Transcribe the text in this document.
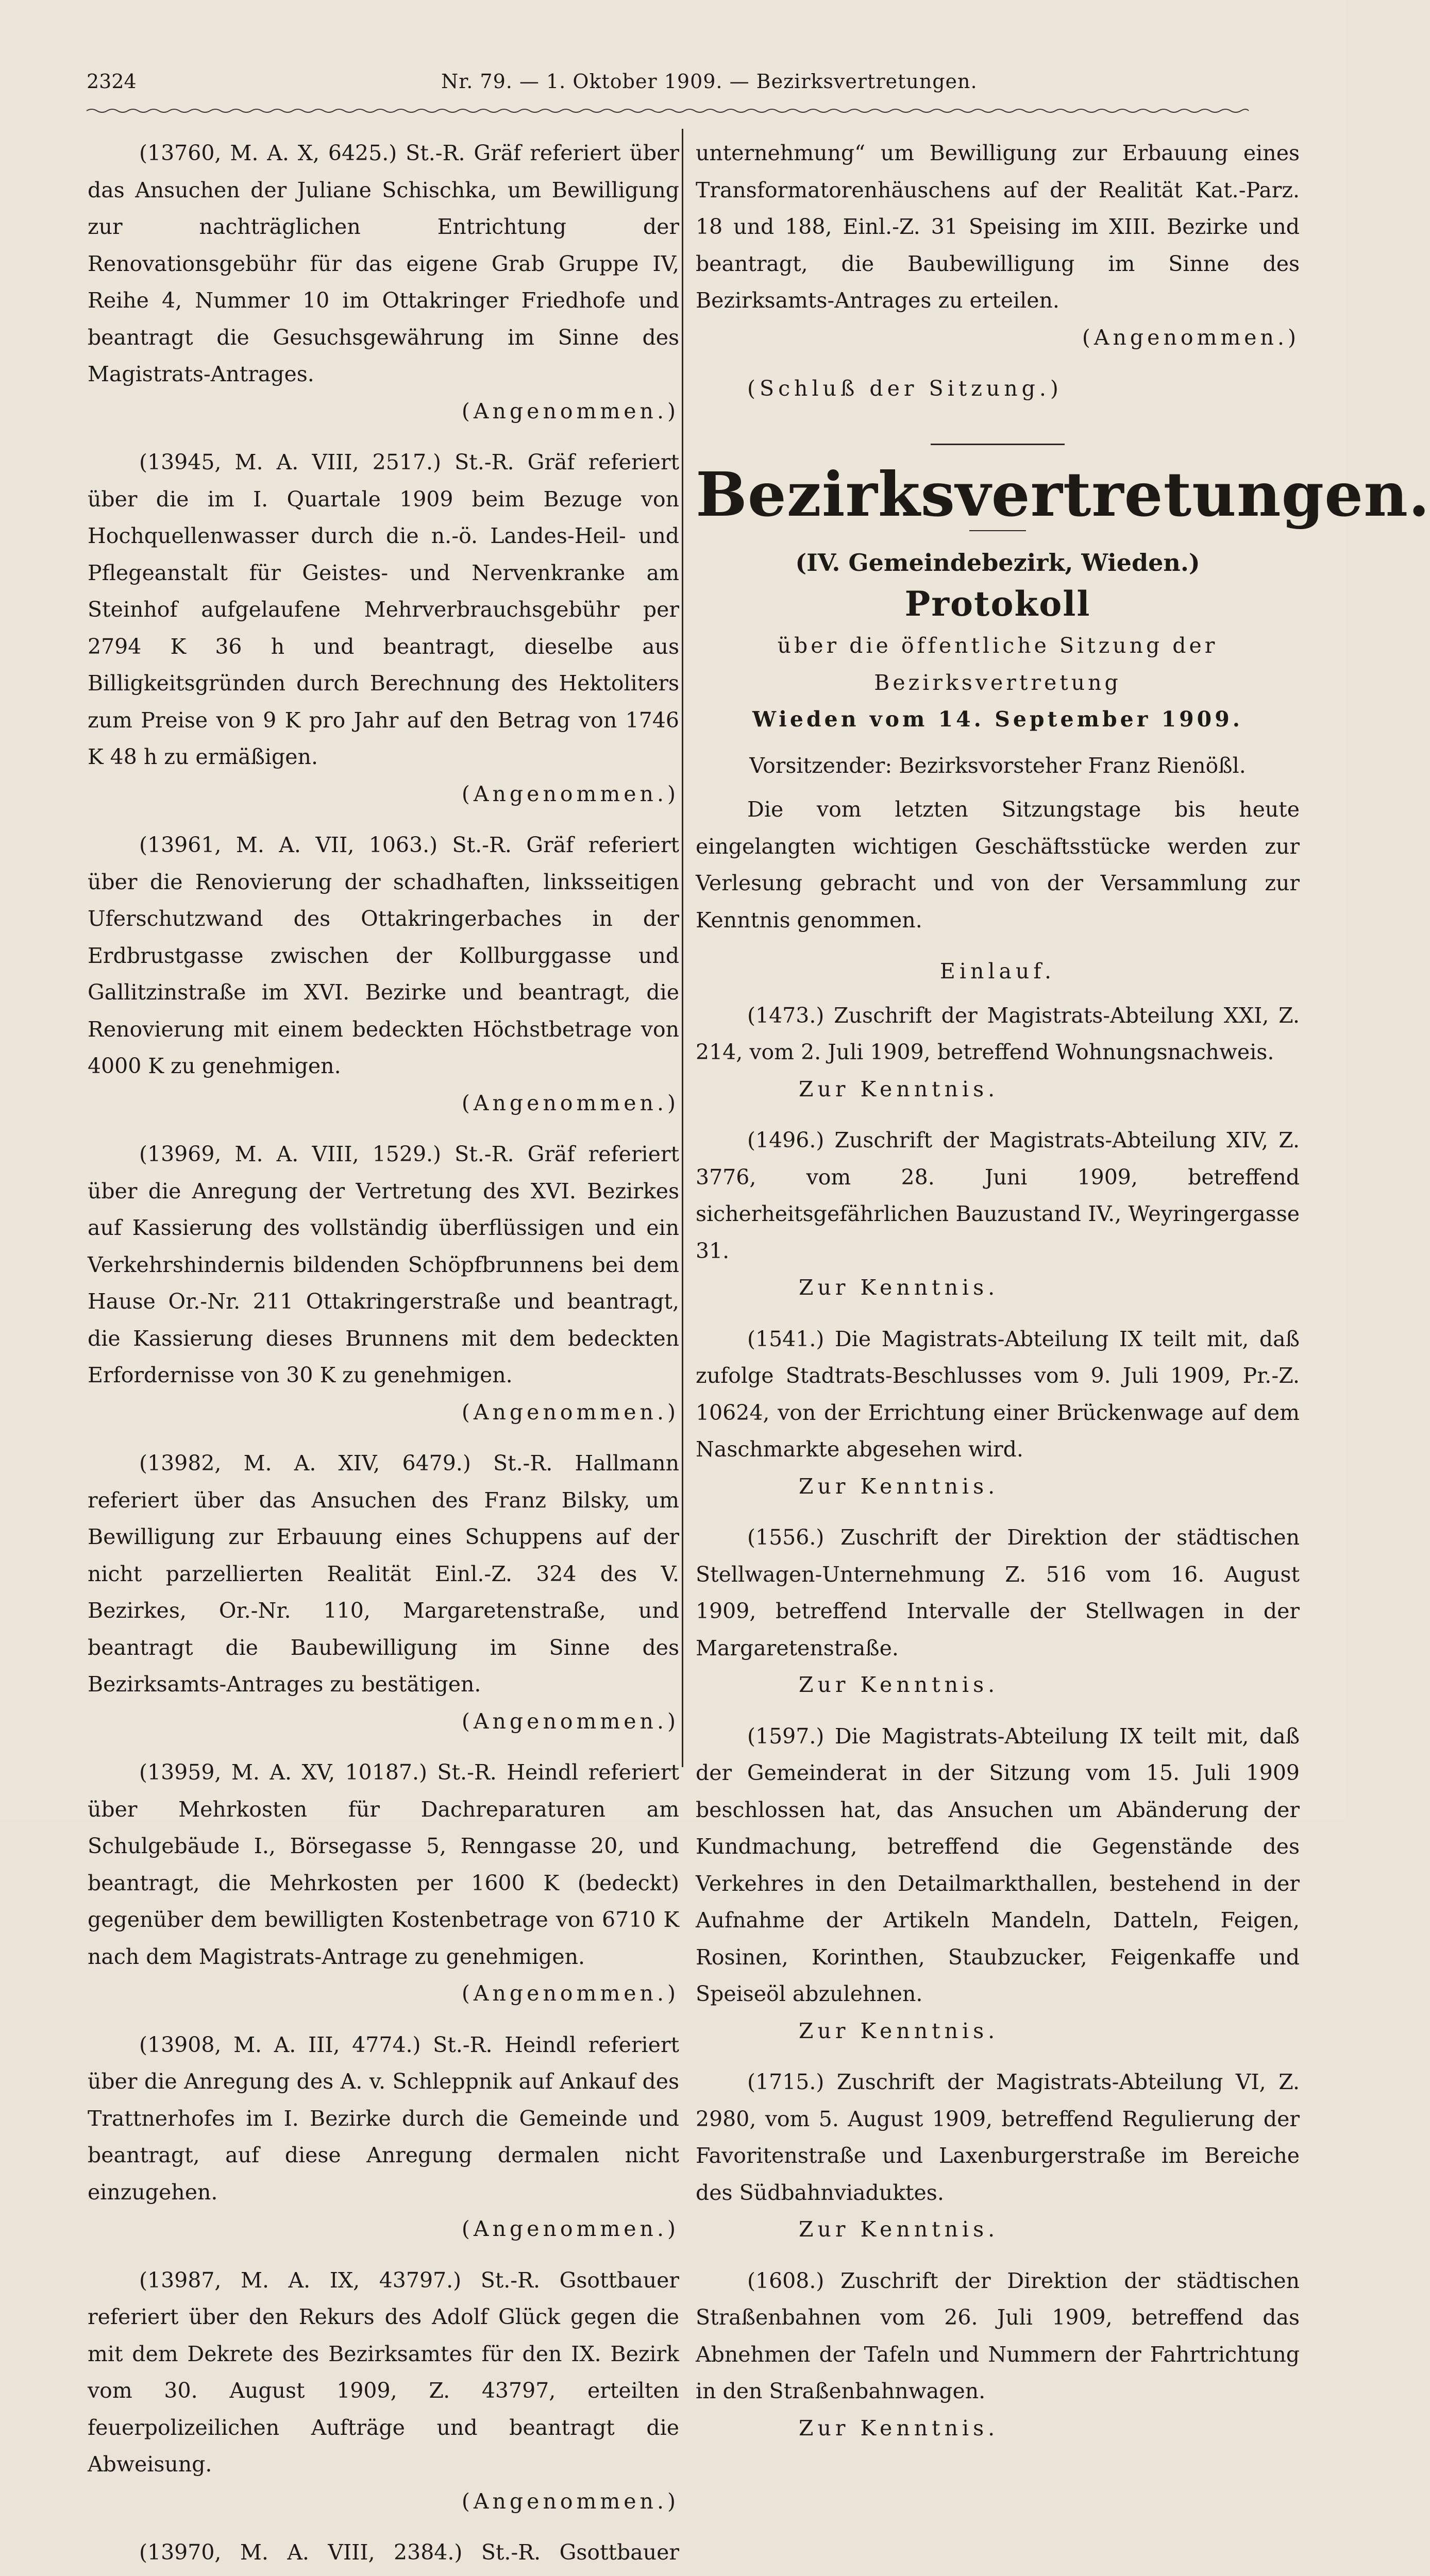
2324	Nr. 79. — 1. Oktober 1909. — Bezirksvertretungen.
(13760, M. A. X, 6425.) St.-R. Gräf referiert über das Ansuchen der Juliane Schischka, um Bewilligung zur nachträglichen Entrichtung der Renovationsgebühr für das eigene Grab Gruppe IV, Reihe 4, Nummer 10 im Ottakringer Friedhofe und beantragt die Gesuchsgewährung im Sinne des Magistrats-Antrages.
(Angenommen.)
(13945, M. A. VIII, 2517.) St.-R. Gräf referiert über die im I. Quartale 1909 beim Bezuge von Hochquellenwasser durch die n.-ö. Landes-Heil- und Pflegeanstalt für Geistes- und Nervenkranke am Steinhof aufgelaufene Mehrverbrauchsgebühr per 2794 K 36 h und beantragt, dieselbe aus Billigkeitsgründen durch Berechnung des Hektoliters zum Preise von 9 K pro Jahr auf den Betrag von 1746 K 48 h zu ermäßigen.
(Angenommen.)
(13961, M. A. VII, 1063.) St.-R. Gräf referiert über die Renovierung der schadhaften, linksseitigen Uferschutzwand des Ottakringerbaches in der Erdbrustgasse zwischen der Kollburggasse und Gallitzinstraße im XVI. Bezirke und beantragt, die Renovierung mit einem bedeckten Höchstbetrage von 4000 K zu genehmigen.
(Angenommen.)
(13969, M. A. VIII, 1529.) St.-R. Gräf referiert über die Anregung der Vertretung des XVI. Bezirkes auf Kassierung des vollständig überflüssigen und ein Verkehrshindernis bildenden Schöpfbrunnens bei dem Hause Or.-Nr. 211 Ottakringerstraße und beantragt, die Kassierung dieses Brunnens mit dem bedeckten Erfordernisse von 30 K zu genehmigen.
(Angenommen.)
(13982, M. A. XIV, 6479.) St.-R. Hallmann referiert über das Ansuchen des Franz Bilsky, um Bewilligung zur Erbauung eines Schuppens auf der nicht parzellierten Realität Einl.-Z. 324 des V. Bezirkes, Or.-Nr. 110, Margaretenstraße, und beantragt die Baubewilligung im Sinne des Bezirksamts-Antrages zu bestätigen.
(Angenommen.)
(13959, M. A. XV, 10187.) St.-R. Heindl referiert über Mehrkosten für Dachreparaturen am Schulgebäude I., Börsegasse 5, Renngasse 20, und beantragt, die Mehrkosten per 1600 K (bedeckt) gegenüber dem bewilligten Kostenbetrage von 6710 K nach dem Magistrats-Antrage zu genehmigen.
(Angenommen.)
(13908, M. A. III, 4774.) St.-R. Heindl referiert über die Anregung des A. v. Schleppnik auf Ankauf des Trattnerhofes im I. Bezirke durch die Gemeinde und beantragt, auf diese Anregung dermalen nicht einzugehen.
(Angenommen.)
(13987, M. A. IX, 43797.) St.-R. Gsottbauer referiert über den Rekurs des Adolf Glück gegen die mit dem Dekrete des Bezirksamtes für den IX. Bezirk vom 30. August 1909, Z. 43797, erteilten feuerpolizeilichen Aufträge und beantragt die Abweisung.
(Angenommen.)
(13970, M. A. VIII, 2384.) St.-R. Gsottbauer
unternehmung“ um Bewilligung zur Erbauung eines Transformatorenhäuschens auf der Realität Kat.-Parz. 18 und 188, Einl.-Z. 31 Speising im XIII. Bezirke und beantragt, die Baubewilligung im Sinne des Bezirksamts-Antrages zu erteilen.
(Angenommen.)
(Schluß der Sitzung.)
Bezirksvertretungen.
(IV. Gemeindebezirk, Wieden.)
Protokoll
über die öffentliche Sitzung der Bezirksvertretung
Wieden vom 14. September 1909.
Vorsitzender: Bezirksvorsteher Franz Rienößl.
Die vom letzten Sitzungstage bis heute eingelangten wichtigen Geschäftsstücke werden zur Verlesung gebracht und von der Versammlung zur Kenntnis genommen.
Einlauf.
(1473.) Zuschrift der Magistrats-Abteilung XXI, Z. 214, vom 2. Juli 1909, betreffend Wohnungsnachweis.
Zur Kenntnis.
(1496.) Zuschrift der Magistrats-Abteilung XIV, Z. 3776, vom 28. Juni 1909, betreffend sicherheitsgefährlichen Bauzustand IV., Weyringergasse 31.
Zur Kenntnis.
(1541.) Die Magistrats-Abteilung IX teilt mit, daß zufolge Stadtrats-Beschlusses vom 9. Juli 1909, Pr.-Z. 10624, von der Errichtung einer Brückenwage auf dem Naschmarkte abgesehen wird.
Zur Kenntnis.
(1556.) Zuschrift der Direktion der städtischen Stellwagen-Unternehmung Z. 516 vom 16. August 1909, betreffend Intervalle der Stellwagen in der Margaretenstraße.
Zur Kenntnis.
(1597.) Die Magistrats-Abteilung IX teilt mit, daß der Gemeinderat in der Sitzung vom 15. Juli 1909 beschlossen hat, das Ansuchen um Abänderung der Kundmachung, betreffend die Gegenstände des Verkehres in den Detailmarkthallen, bestehend in der Aufnahme der Artikeln Mandeln, Datteln, Feigen, Rosinen, Korinthen, Staubzucker, Feigenkaffe und Speiseöl abzulehnen.
Zur Kenntnis.
(1715.) Zuschrift der Magistrats-Abteilung VI, Z. 2980, vom 5. August 1909, betreffend Regulierung der Favoritenstraße und Laxenburgerstraße im Bereiche des Südbahnviaduktes.
Zur Kenntnis.
(1608.) Zuschrift der Direktion der städtischen Straßenbahnen vom 26. Juli 1909, betreffend das Abnehmen der Tafeln und Nummern der Fahrtrichtung in den Straßenbahnwagen.
Zur Kenntnis.
